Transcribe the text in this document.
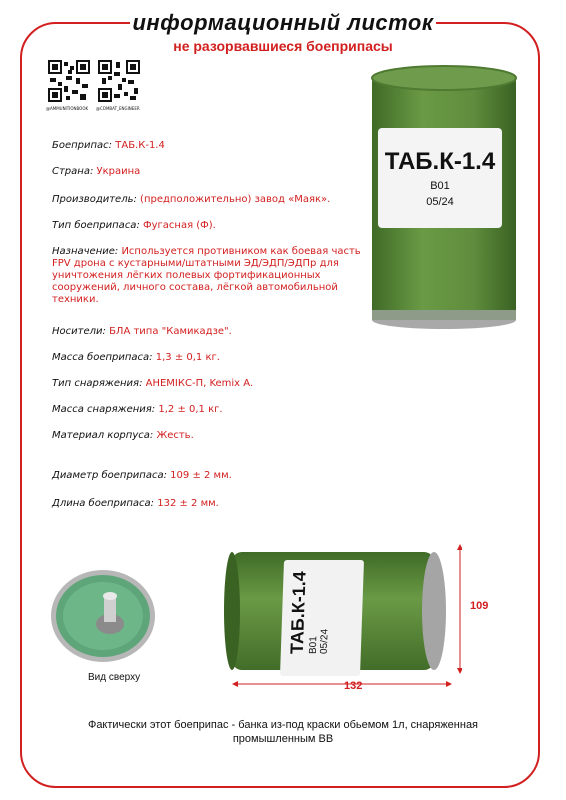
информационный листок
не разорвавшиеся боеприпасы
@AMMUNITIONBOOK @COMBAT_ENGINEER
Боеприпас: ТАБ.К-1.4
Страна: Украина
Производитель: (предположительно) завод «Маяк».
Тип боеприпаса: Фугасная (Ф).
Назначение: Используется противником как боевая часть FPV дрона с кустарными/штатными ЭД/ЭДП/ЭДПр для уничтожения лёгких полевых фортификационных сооружений, личного состава, лёгкой автомобильной техники.
Носители: БЛА типа "Камикадзе".
Масса боеприпаса: 1,3 ± 0,1 кг.
Тип снаряжения: АНЕМІКС-П, Kemix A.
Масса снаряжения: 1,2 ± 0,1 кг.
Материал корпуса: Жесть.
Диаметр боеприпаса: 109 ± 2 мм.
Длина боеприпаса: 132 ± 2 мм.
ТАБ.К-1.4
В01
05/24
Вид сверху
ТАБ.К-1.4
В01 05/24
109
132
Фактически этот боеприпас - банка из-под краски обьемом 1л, снаряженная
промышленным ВВ
